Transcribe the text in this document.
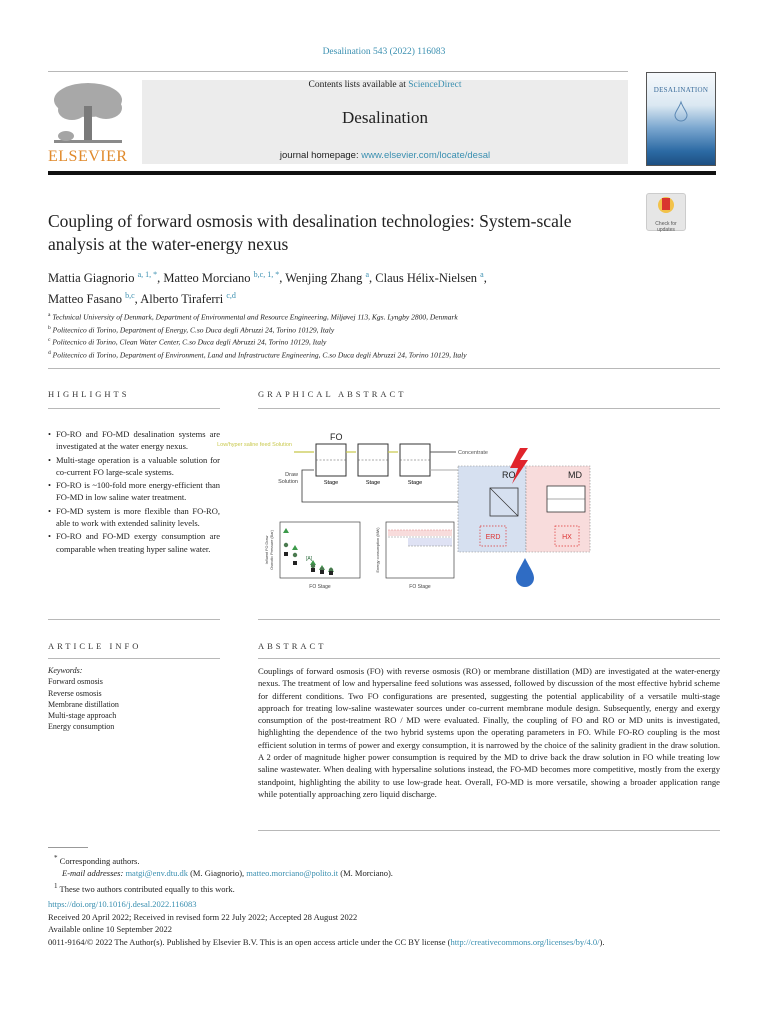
Desalination 543 (2022) 116083
ELSEVIER
Contents lists available at ScienceDirect
Desalination
journal homepage: www.elsevier.com/locate/desal
DESALINATION
Coupling of forward osmosis with desalination technologies: System-scale analysis at the water-energy nexus
Check for updates
Mattia Giagnorio $^{a, 1, *}$, Matteo Morciano $^{b,c, 1, *}$, Wenjing Zhang $^a$, Claus Hélix-Nielsen $^a$,
Matteo Fasano $^{b,c}$, Alberto Tiraferri $^{c,d}$
$^a$ Technical University of Denmark, Department of Environmental and Resource Engineering, Miljøvej 113, Kgs. Lyngby 2800, Denmark
$^b$ Politecnico di Torino, Department of Energy, C.so Duca degli Abruzzi 24, Torino 10129, Italy
$^c$ Politecnico di Torino, Clean Water Center, C.so Duca degli Abruzzi 24, Torino 10129, Italy
$^d$ Politecnico di Torino, Department of Environment, Land and Infrastructure Engineering, C.so Duca degli Abruzzi 24, Torino 10129, Italy
HIGHLIGHTS
• FO-RO and FO-MD desalination systems are investigated at the water energy nexus.
• Multi-stage operation is a valuable solution for co-current FO large-scale systems.
• FO-RO is ~100-fold more energy-efficient than FO-MD in low saline water treatment.
• FO-MD system is more flexible than FO-RO, able to work with extended salinity levels.
• FO-RO and FO-MD exergy consumption are comparable when treating hyper saline water.
GRAPHICAL ABSTRACT
Low/hyper saline feed Solution
FO
Stage	Stage	Stage
Concentrate
Draw
Solution
RO	MD
ERD	HX
[A]
FO Stage
Influent FO Draw Osmotic Pressure (Bar)
FO Stage
Energy consumption (MW)
ARTICLE INFO
Keywords:
Forward osmosis
Reverse osmosis
Membrane distillation
Multi-stage approach
Energy consumption
ABSTRACT
Couplings of forward osmosis (FO) with reverse osmosis (RO) or membrane distillation (MD) are investigated at the water-energy nexus. The treatment of low and hypersaline feed solutions was assessed, followed by discussion of the most effective hybrid scheme for different conditions. Two FO configurations are presented, suggesting the potential applicability of a versatile multi-stage approach for treating low-saline wastewater sources under co-current membrane module design. Subsequently, energy and exergy consumption of the post-treatment RO / MD were evaluated. Finally, the coupling of FO and RO or MD units is investigated, highlighting the dependence of the two hybrid systems upon the operating parameters in FO. While FO-RO coupling is the most efficient solution in terms of power and exergy consumption, it is narrowed by the choice of the salinity gradient in the draw solution. A 2 order of magnitude higher power consumption is required by the MD to drive back the draw solution in FO while treating low saline wastewater. When dealing with hypersaline solutions instead, the FO-MD becomes more competitive, mostly from the exergy standpoint, highlighting the ability to use low-grade heat. Overall, FO-MD is more versatile, showing a broader application range while potentially approaching zero liquid discharge.
* Corresponding authors.
E-mail addresses: matgi@env.dtu.dk (M. Giagnorio), matteo.morciano@polito.it (M. Morciano).
$^1$ These two authors contributed equally to this work.
https://doi.org/10.1016/j.desal.2022.116083
Received 20 April 2022; Received in revised form 22 July 2022; Accepted 28 August 2022
Available online 10 September 2022
0011-9164/© 2022 The Author(s). Published by Elsevier B.V. This is an open access article under the CC BY license (http://creativecommons.org/licenses/by/4.0/).
